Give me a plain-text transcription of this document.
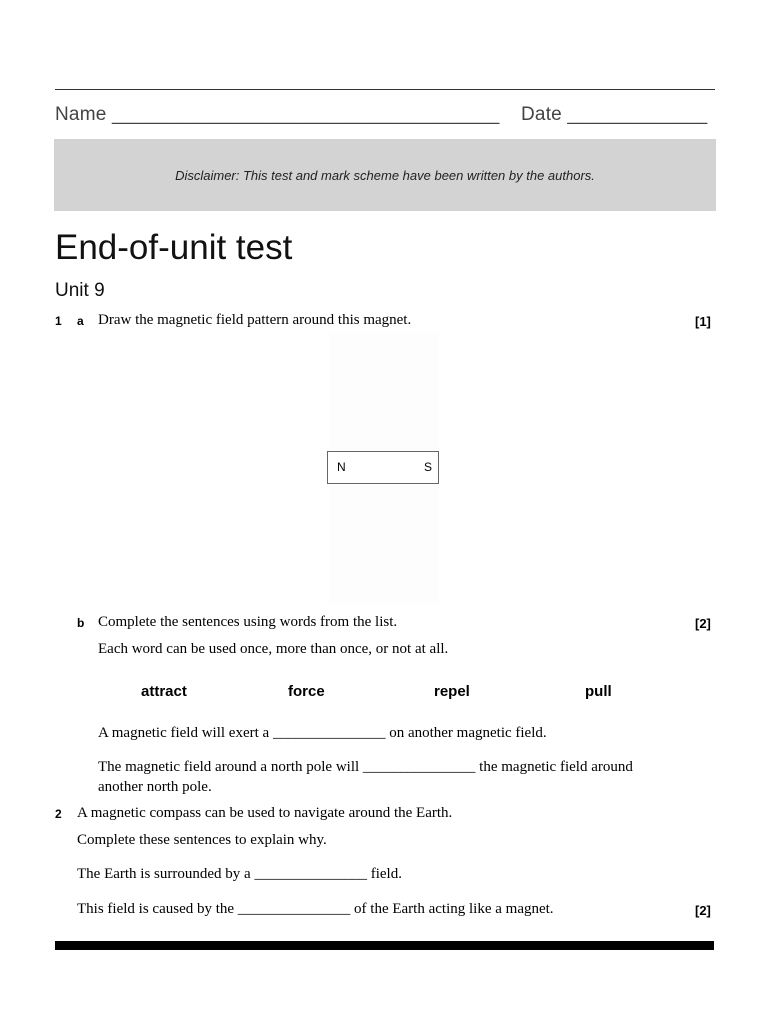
Name ____________________________________ Date _____________
Disclaimer: This test and mark scheme have been written by the authors.
End-of-unit test
Unit 9
1 a Draw the magnetic field pattern around this magnet.	[1]
N	S
b Complete the sentences using words from the list.	[2]
Each word can be used once, more than once, or not at all.
attract	force	repel	pull
A magnetic field will exert a _______________ on another magnetic field.
The magnetic field around a north pole will _______________ the magnetic field around
another north pole.
2 A magnetic compass can be used to navigate around the Earth.
Complete these sentences to explain why.
The Earth is surrounded by a _______________ field.
This field is caused by the _______________ of the Earth acting like a magnet.	[2]
